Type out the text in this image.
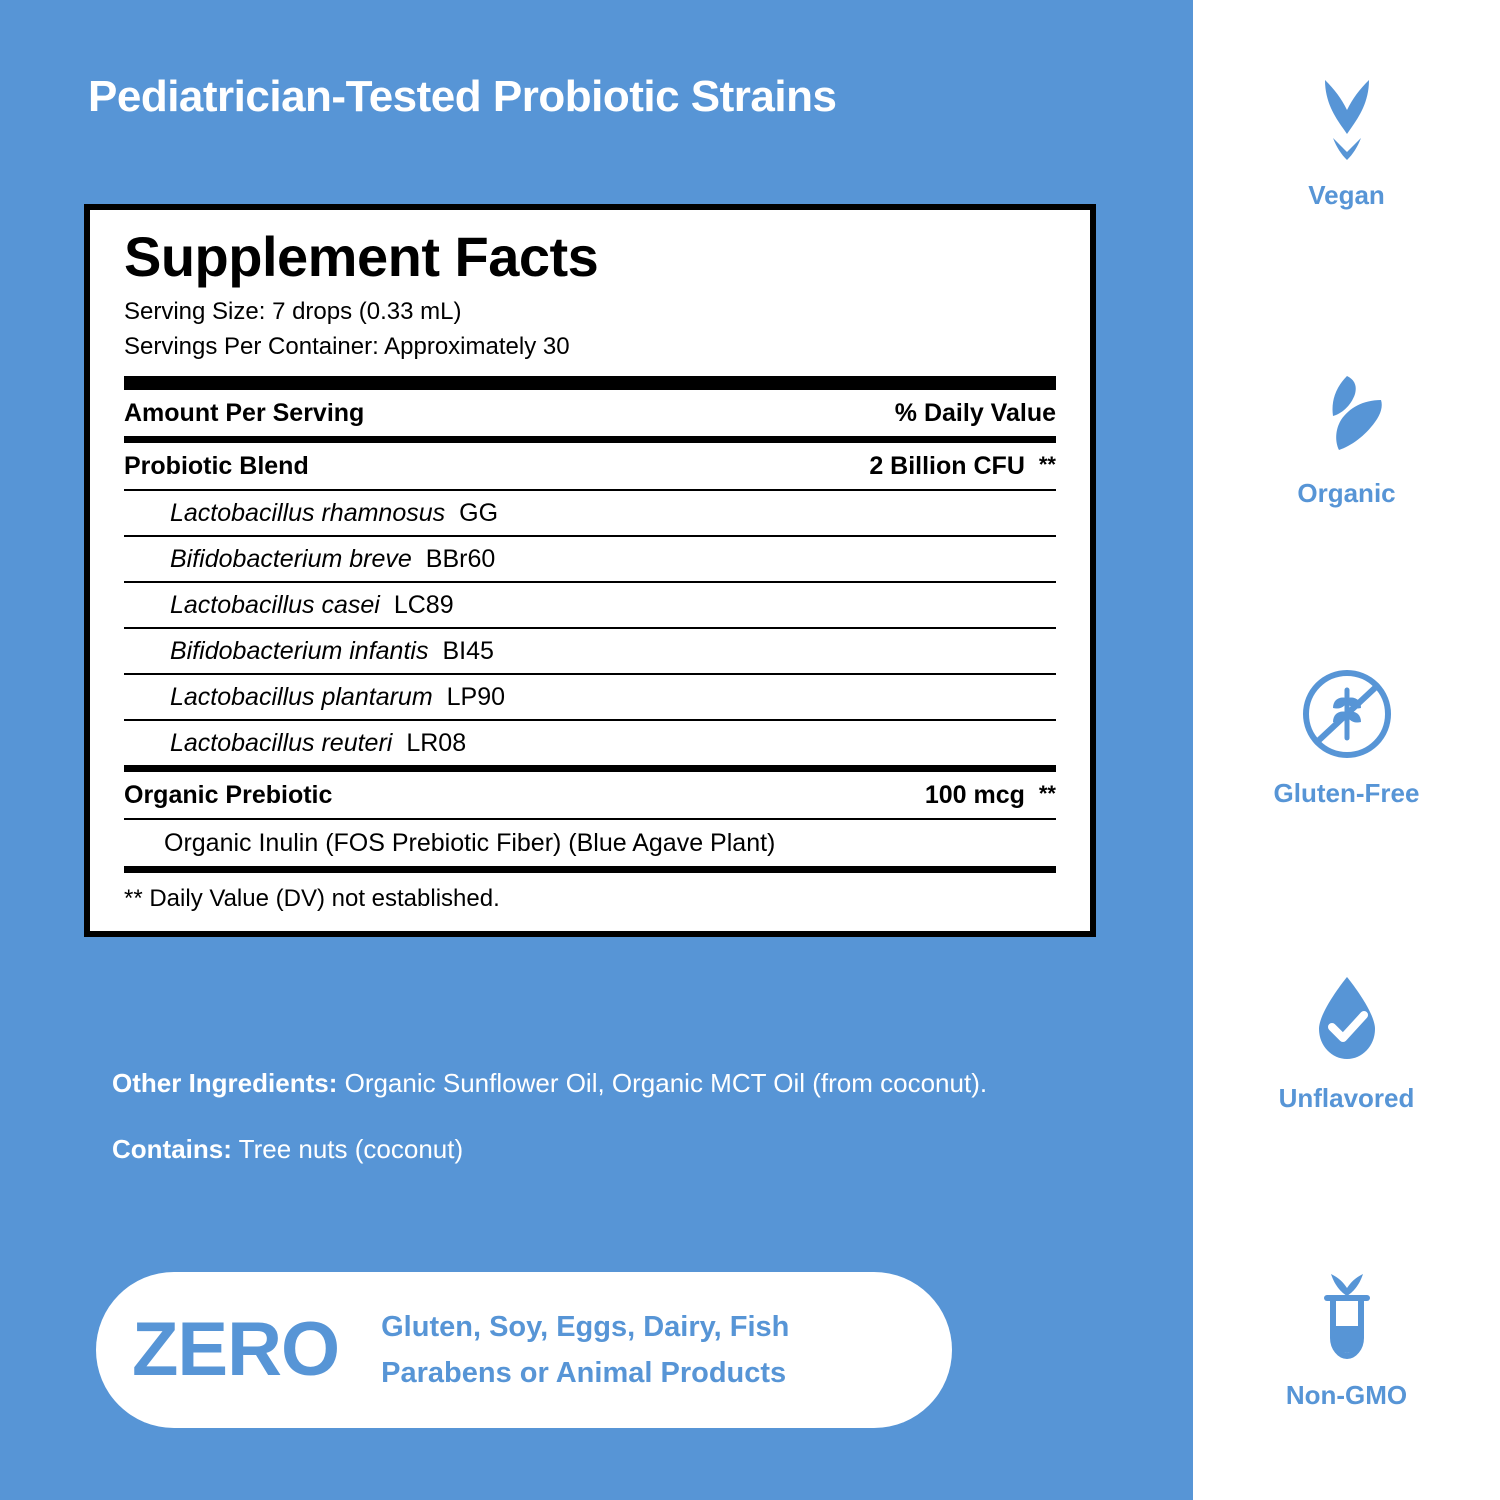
Pediatrician-Tested Probiotic Strains
Supplement Facts
Serving Size: 7 drops (0.33 mL)
Servings Per Container: Approximately 30
Amount Per Serving	% Daily Value
Probiotic Blend	2 Billion CFU **
Lactobacillus rhamnosus GG
Bifidobacterium breve BBr60
Lactobacillus casei LC89
Bifidobacterium infantis BI45
Lactobacillus plantarum LP90
Lactobacillus reuteri LR08
Organic Prebiotic	100 mcg **
Organic Inulin (FOS Prebiotic Fiber) (Blue Agave Plant)
** Daily Value (DV) not established.
Other Ingredients: Organic Sunflower Oil, Organic MCT Oil (from coconut).
Contains: Tree nuts (coconut)
ZERO Gluten, Soy, Eggs, Dairy, Fish
Parabens or Animal Products
Vegan
Organic
Gluten-Free
Unflavored
Non-GMO
